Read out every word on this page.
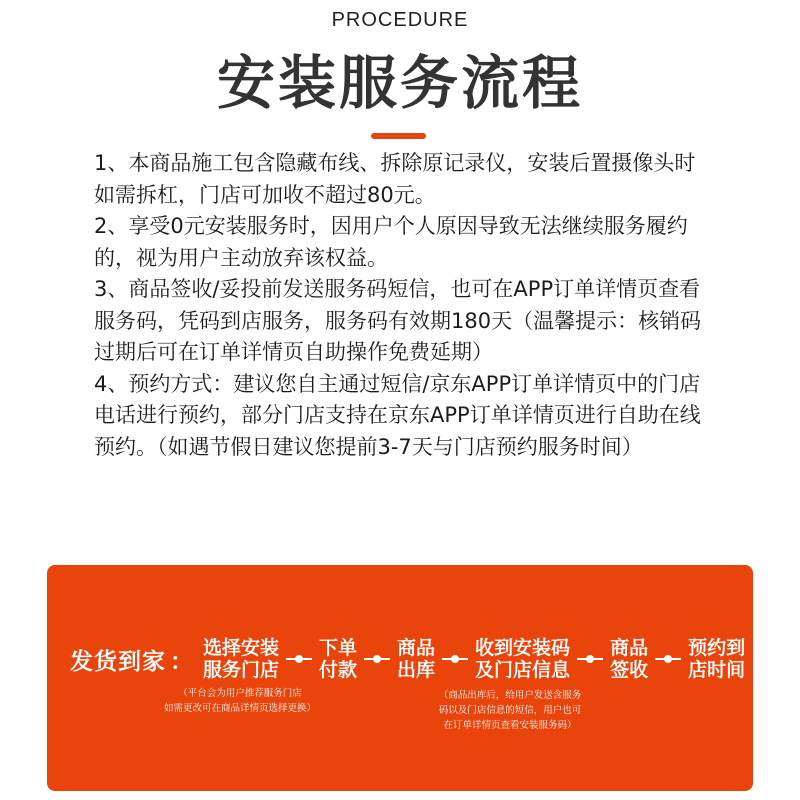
PROCEDURE
安装服务流程

1、本商品施工包含隐藏布线、拆除原记录仪，安装后置摄像头时如需拆杠，门店可加收不超过80元。

2、享受0元安装服务时，因用户个人原因导致无法继续服务履约的，视为用户主动放弃该权益。

3、商品签收/妥投前发送服务码短信，也可在APP订单详情页查看服务码，凭码到店服务，服务码有效期180天（温馨提示：核销码过期后可在订单详情页自助操作免费延期）

4、预约方式：建议您自主通过短信/京东APP订单详情页中的门店电话进行预约，部分门店支持在京东APP订单详情页进行自助在线预约。（如遇节假日建议您提前3-7天与门店预约服务时间）

发货到家 ：
选择安装
服务门店
下单
付款
商品
出库
收到安装码
及门店信息
商品
签收
预约到
店时间
（平台会为用户推荐服务门店
如需更改可在商品详情页选择更换）
（商品出库后，给用户发送含服务
码以及门店信息的短信，用户也可
在订单详情页查看安装服务码）
